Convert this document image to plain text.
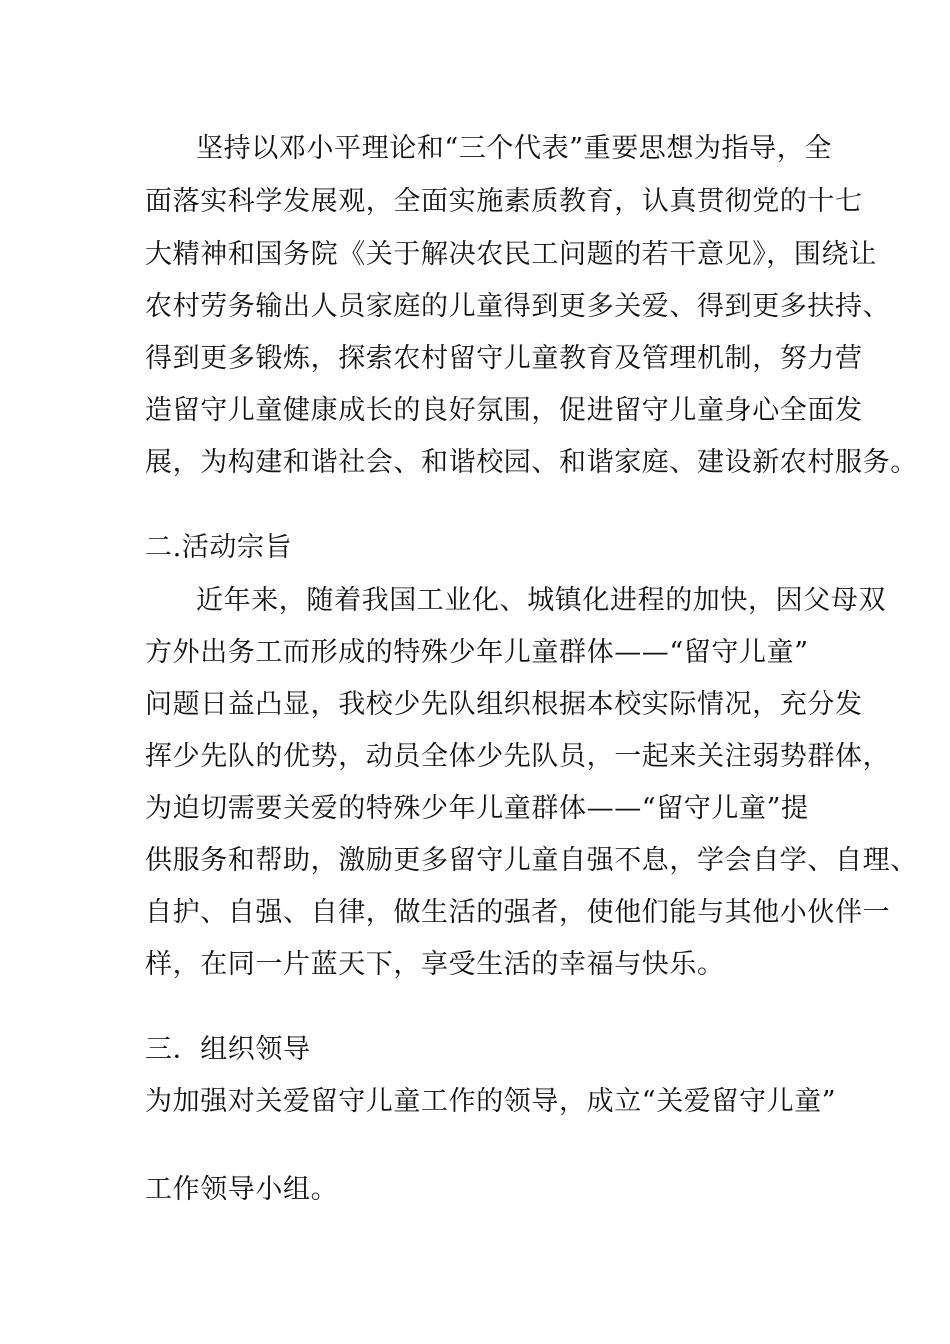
坚持以邓小平理论和“三个代表”重要思想为指导，全
面落实科学发展观，全面实施素质教育，认真贯彻党的十七
大精神和国务院《关于解决农民工问题的若干意见》，围绕让
农村劳务输出人员家庭的儿童得到更多关爱、得到更多扶持、
得到更多锻炼，探索农村留守儿童教育及管理机制，努力营
造留守儿童健康成长的良好氛围，促进留守儿童身心全面发
展，为构建和谐社会、和谐校园、和谐家庭、建设新农村服务。
二.活动宗旨
近年来，随着我国工业化、城镇化进程的加快，因父母双
方外出务工而形成的特殊少年儿童群体——“留守儿童”
问题日益凸显，我校少先队组织根据本校实际情况，充分发
挥少先队的优势，动员全体少先队员，一起来关注弱势群体，
为迫切需要关爱的特殊少年儿童群体——“留守儿童”提
供服务和帮助，激励更多留守儿童自强不息，学会自学、自理、
自护、自强、自律，做生活的强者，使他们能与其他小伙伴一
样，在同一片蓝天下，享受生活的幸福与快乐。
三．组织领导
为加强对关爱留守儿童工作的领导，成立“关爱留守儿童”
工作领导小组。
